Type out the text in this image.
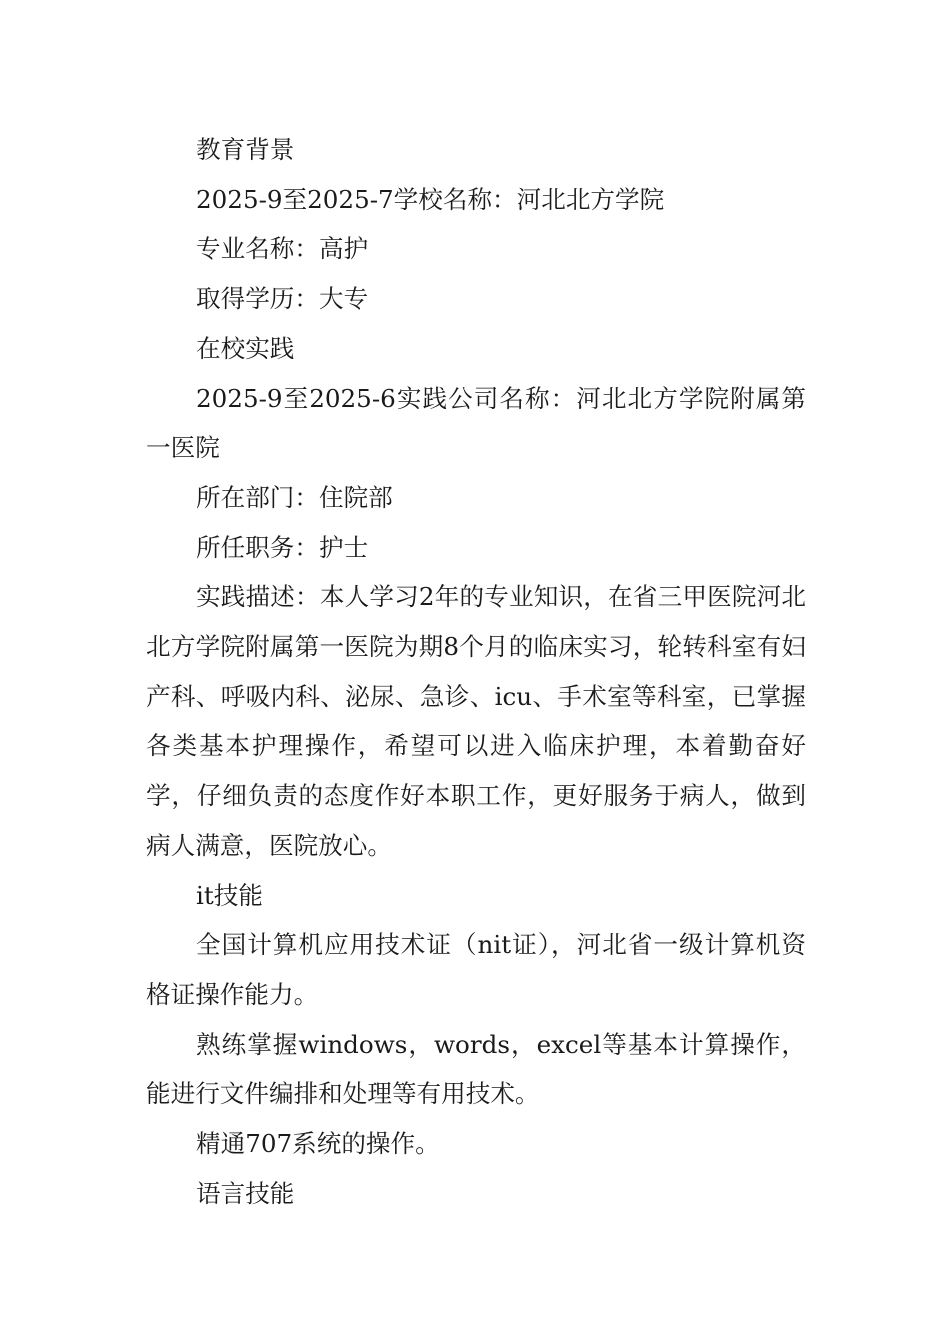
教育背景

2025-9至2025-7学校名称：河北北方学院

专业名称：高护

取得学历：大专

在校实践

2025-9至2025-6实践公司名称：河北北方学院附属第一医院

所在部门：住院部

所任职务：护士

实践描述：本人学习2年的专业知识，在省三甲医院河北北方学院附属第一医院为期8个月的临床实习，轮转科室有妇产科、呼吸内科、泌尿、急诊、icu、手术室等科室，已掌握各类基本护理操作，希望可以进入临床护理，本着勤奋好学，仔细负责的态度作好本职工作，更好服务于病人，做到病人满意，医院放心。

it技能

全国计算机应用技术证（nit证），河北省一级计算机资格证操作能力。

熟练掌握windows，words，excel等基本计算操作，能进行文件编排和处理等有用技术。

精通707系统的操作。

语言技能
